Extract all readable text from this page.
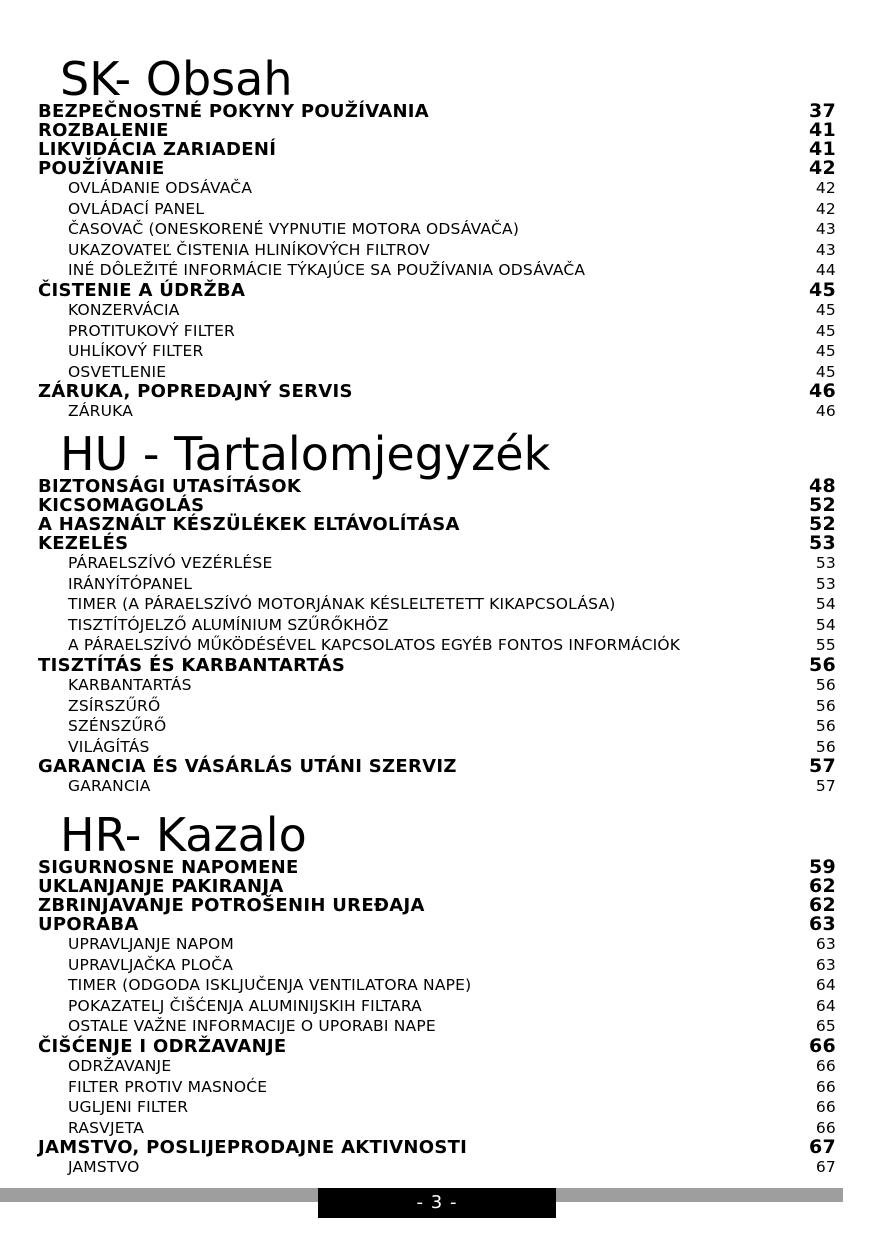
SK- Obsah
BEZPEČNOSTNÉ POKYNY POUŽÍVANIA	37
ROZBALENIE	41
LIKVIDÁCIA ZARIADENÍ	41
POUŽÍVANIE	42
OVLÁDANIE ODSÁVAČA	42
OVLÁDACÍ PANEL	42
ČASOVAČ (ONESKORENÉ VYPNUTIE MOTORA ODSÁVAČA)	43
UKAZOVATEĽ ČISTENIA HLINÍKOVÝCH FILTROV	43
INÉ DÔLEŽITÉ INFORMÁCIE TÝKAJÚCE SA POUŽÍVANIA ODSÁVAČA	44
ČISTENIE A ÚDRŽBA	45
KONZERVÁCIA	45
PROTITUKOVÝ FILTER	45
UHLÍKOVÝ FILTER	45
OSVETLENIE	45
ZÁRUKA, POPREDAJNÝ SERVIS	46
ZÁRUKA	46
HU - Tartalomjegyzék
BIZTONSÁGI UTASÍTÁSOK	48
KICSOMAGOLÁS	52
A HASZNÁLT KÉSZÜLÉKEK ELTÁVOLÍTÁSA	52
KEZELÉS	53
PÁRAELSZÍVÓ VEZÉRLÉSE	53
IRÁNYÍTÓPANEL	53
TIMER (A PÁRAELSZÍVÓ MOTORJÁNAK KÉSLELTETETT KIKAPCSOLÁSA)	54
TISZTÍTÓJELZŐ ALUMÍNIUM SZŰRŐKHÖZ	54
A PÁRAELSZÍVÓ MŰKÖDÉSÉVEL KAPCSOLATOS EGYÉB FONTOS INFORMÁCIÓK	55
TISZTÍTÁS ÉS KARBANTARTÁS	56
KARBANTARTÁS	56
ZSÍRSZŰRŐ	56
SZÉNSZŰRŐ	56
VILÁGÍTÁS	56
GARANCIA ÉS VÁSÁRLÁS UTÁNI SZERVIZ	57
GARANCIA	57
HR- Kazalo
SIGURNOSNE NAPOMENE	59
UKLANJANJE PAKIRANJA	62
ZBRINJAVANJE POTROŠENIH UREĐAJA	62
UPORABA	63
UPRAVLJANJE NAPOM	63
UPRAVLJAČKA PLOČA	63
TIMER (ODGODA ISKLJUČENJA VENTILATORA NAPE)	64
POKAZATELJ ČIŠĆENJA ALUMINIJSKIH FILTARA	64
OSTALE VAŽNE INFORMACIJE O UPORABI NAPE	65
ČIŠĆENJE I ODRŽAVANJE	66
ODRŽAVANJE	66
FILTER PROTIV MASNOĆE	66
UGLJENI FILTER	66
RASVJETA	66
JAMSTVO, POSLIJEPRODAJNE AKTIVNOSTI	67
JAMSTVO	67
- 3 -
